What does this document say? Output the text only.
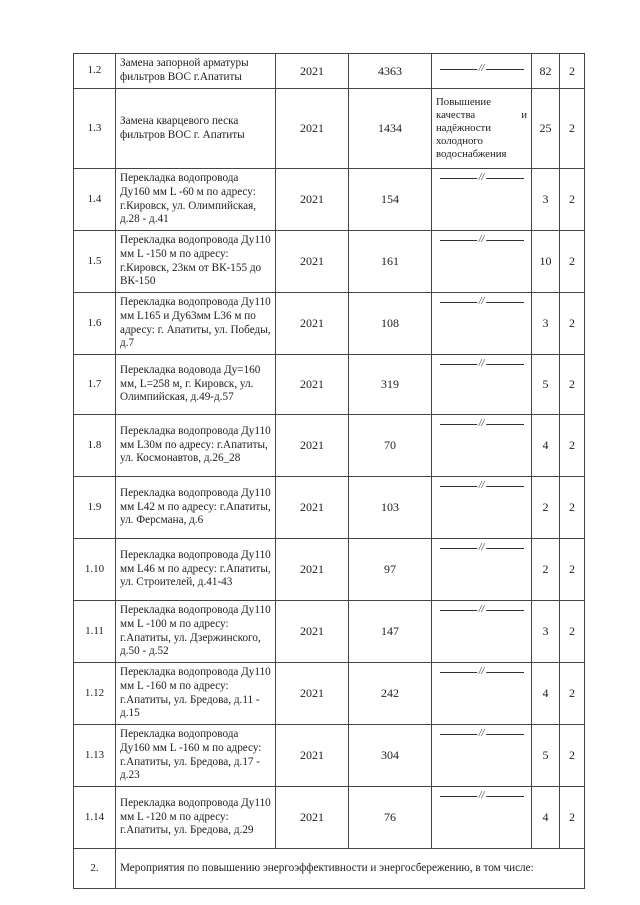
1.2	Замена запорной арматуры фильтров ВОС г.Апатиты	2021	4363	//	82	2
1.3	Замена кварцевого песка фильтров ВОС г. Апатиты	2021	1434	Повышение качества и надёжности холодного водоснабжения	25	2
1.4	Перекладка водопровода Ду160 мм L -60 м по адресу: г.Кировск, ул. Олимпийская, д.28 - д.41	2021	154	//	3	2
1.5	Перекладка водопровода Ду110 мм L -150 м по адресу: г.Кировск, 23км от ВК-155 до ВК-150	2021	161	//	10	2
1.6	Перекладка водопровода Ду110 мм L165 и Ду63мм L36 м по адресу: г. Апатиты, ул. Победы, д.7	2021	108	//	3	2
1.7	Перекладка водовода Ду=160 мм, L=258 м, г. Кировск, ул. Олимпийская, д.49-д.57	2021	319	//	5	2
1.8	Перекладка водопровода Ду110 мм L30м по адресу: г.Апатиты, ул. Космонавтов, д.26_28	2021	70	//	4	2
1.9	Перекладка водопровода Ду110 мм L42 м по адресу: г.Апатиты, ул. Ферсмана, д.6	2021	103	//	2	2
1.10	Перекладка водопровода Ду110 мм L46 м по адресу: г.Апатиты, ул. Строителей, д.41-43	2021	97	//	2	2
1.11	Перекладка водопровода Ду110 мм L -100 м по адресу: г.Апатиты, ул. Дзержинского, д.50 - д.52	2021	147	//	3	2
1.12	Перекладка водопровода Ду110 мм L -160 м по адресу: г.Апатиты, ул. Бредова, д.11 - д.15	2021	242	//	4	2
1.13	Перекладка водопровода Ду160 мм L -160 м по адресу: г.Апатиты, ул. Бредова, д.17 - д.23	2021	304	//	5	2
1.14	Перекладка водопровода Ду110 мм L -120 м по адресу: г.Апатиты, ул. Бредова, д.29	2021	76	//	4	2
2.	Мероприятия по повышению энергоэффективности и энергосбережению, в том числе:					
